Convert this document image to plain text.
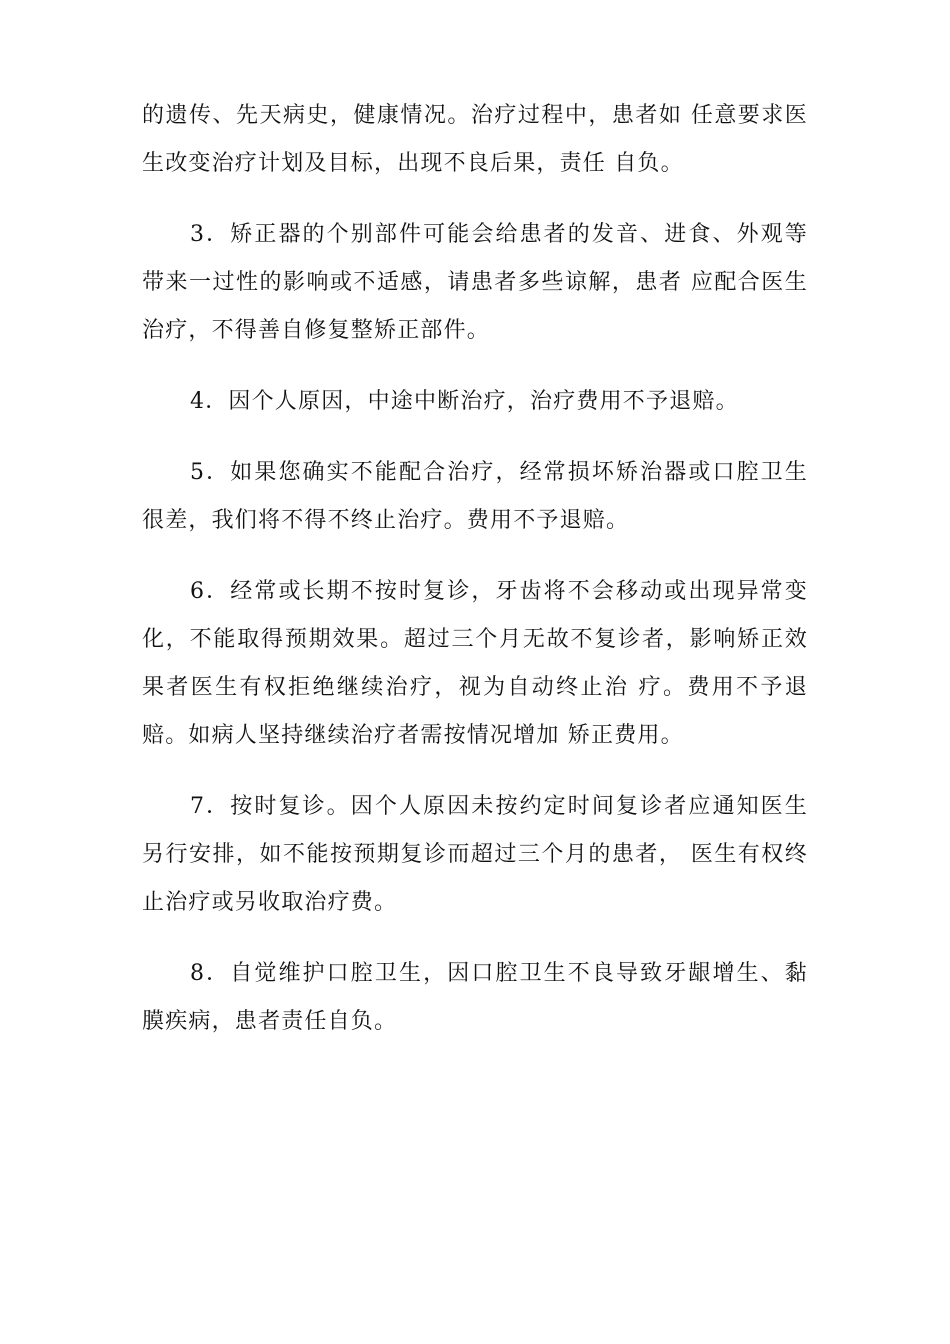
的遗传、先天病史，健康情况。治疗过程中，患者如 任意要求医生改变治疗计划及目标，出现不良后果，责任 自负。

3．矫正器的个别部件可能会给患者的发音、进食、外观等带来一过性的影响或不适感，请患者多些谅解，患者 应配合医生治疗，不得善自修复整矫正部件。

4．因个人原因，中途中断治疗，治疗费用不予退赔。

5．如果您确实不能配合治疗，经常损坏矫治器或口腔卫生很差，我们将不得不终止治疗。费用不予退赔。

6．经常或长期不按时复诊，牙齿将不会移动或出现异常变化，不能取得预期效果。超过三个月无故不复诊者，影响矫正效果者医生有权拒绝继续治疗，视为自动终止治 疗。费用不予退赔。如病人坚持继续治疗者需按情况增加 矫正费用。

7．按时复诊。因个人原因未按约定时间复诊者应通知医生另行安排，如不能按预期复诊而超过三个月的患者， 医生有权终止治疗或另收取治疗费。

8．自觉维护口腔卫生，因口腔卫生不良导致牙龈增生、黏膜疾病，患者责任自负。
